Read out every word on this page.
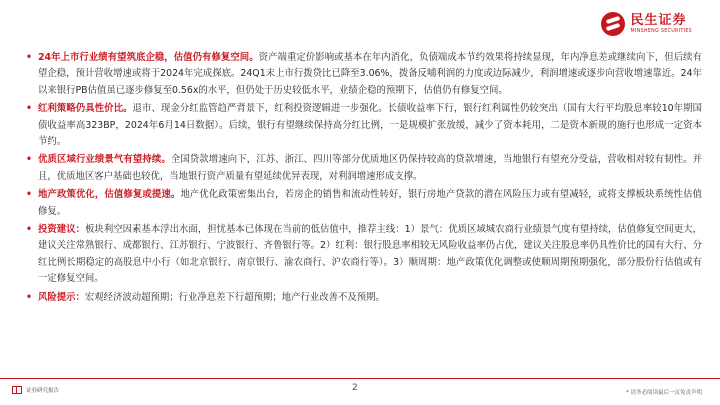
民生证券
MINSHENG SECURITIES

• 24年上市行业绩有望筑底企稳，估值仍有修复空间。资产端重定价影响或基本在年内消化，负债端成本节约效果将持续显现，年内净息差或继续向下，但后续有望企稳，预计营收增速或将于2024年完成探底。24Q1末上市行拨贷比已降至3.06%，拨备反哺利润的力度或边际减少，利润增速或逐步向营收增速靠近。24年以来银行PB估值虽已逐步修复至0.56x的水平，但仍处于历史较低水平，业绩企稳的预期下，估值仍有修复空间。

• 红利策略仍具性价比。退市、现金分红监管趋严背景下，红利投资逻辑进一步强化。长债收益率下行，银行红利属性仍较突出（国有大行平均股息率较10年期国债收益率高323BP，2024年6月14日数据）。后续，银行有望继续保持高分红比例，一是规模扩张放缓，减少了资本耗用，二是资本新规的施行也形成一定资本节约。

• 优质区域行业绩景气有望持续。全国贷款增速向下，江苏、浙江、四川等部分优质地区仍保持较高的贷款增速，当地银行有望充分受益，营收相对较有韧性。并且，优质地区客户基础也较优，当地银行资产质量有望延续优异表现，对利润增速形成支撑。

• 地产政策优化，估值修复或提速。地产优化政策密集出台，若房企的销售和流动性转好，银行房地产贷款的潜在风险压力或有望减轻，或将支撑板块系统性估值修复。

• 投资建议：板块利空因素基本浮出水面，担忧基本已体现在当前的低估值中，推荐主线：1）景气：优质区域城农商行业绩景气度有望持续，估值修复空间更大，建议关注常熟银行、成都银行、江苏银行、宁波银行、齐鲁银行等。2）红利：银行股息率相较无风险收益率仍占优，建议关注股息率仍具性价比的国有大行、分红比例长期稳定的高股息中小行（如北京银行、南京银行、渝农商行、沪农商行等）。3）顺周期：地产政策优化调整或使顺周期预期强化，部分股份行估值或有一定修复空间。

• 风险提示：宏观经济波动超预期；行业净息差下行超预期；地产行业改善不及预期。

证券研究报告	2	* 请务必阅读最后一页免责声明
